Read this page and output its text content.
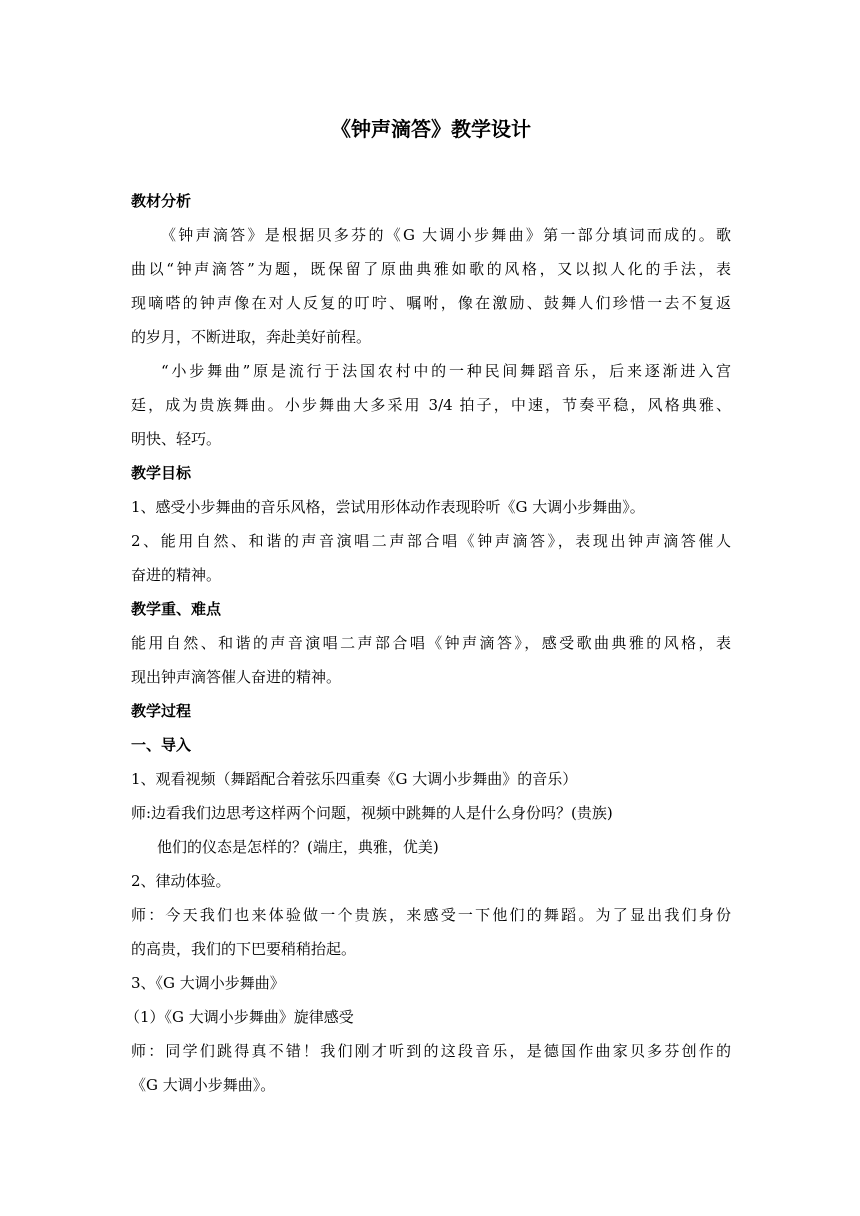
《钟声滴答》教学设计
教材分析
《钟声滴答》是根据贝多芬的《G 大调小步舞曲》第一部分填词而成的。歌
曲以“钟声滴答”为题，既保留了原曲典雅如歌的风格，又以拟人化的手法，表
现嘀嗒的钟声像在对人反复的叮咛、嘱咐，像在激励、鼓舞人们珍惜一去不复返
的岁月，不断进取，奔赴美好前程。
“小步舞曲”原是流行于法国农村中的一种民间舞蹈音乐，后来逐渐进入宫
廷，成为贵族舞曲。小步舞曲大多采用 3/4 拍子，中速，节奏平稳，风格典雅、
明快、轻巧。
教学目标
1、感受小步舞曲的音乐风格，尝试用形体动作表现聆听《G 大调小步舞曲》。
2、能用自然、和谐的声音演唱二声部合唱《钟声滴答》，表现出钟声滴答催人
奋进的精神。
教学重、难点
能用自然、和谐的声音演唱二声部合唱《钟声滴答》，感受歌曲典雅的风格，表
现出钟声滴答催人奋进的精神。
教学过程
一、导入
1、观看视频（舞蹈配合着弦乐四重奏《G 大调小步舞曲》的音乐）
师:边看我们边思考这样两个问题，视频中跳舞的人是什么身份吗？(贵族)
他们的仪态是怎样的？(端庄，典雅，优美)
2、律动体验。
师：今天我们也来体验做一个贵族，来感受一下他们的舞蹈。为了显出我们身份
的高贵，我们的下巴要稍稍抬起。
3、《G 大调小步舞曲》
（1）《G 大调小步舞曲》旋律感受
师：同学们跳得真不错！我们刚才听到的这段音乐，是德国作曲家贝多芬创作的
《G 大调小步舞曲》。
